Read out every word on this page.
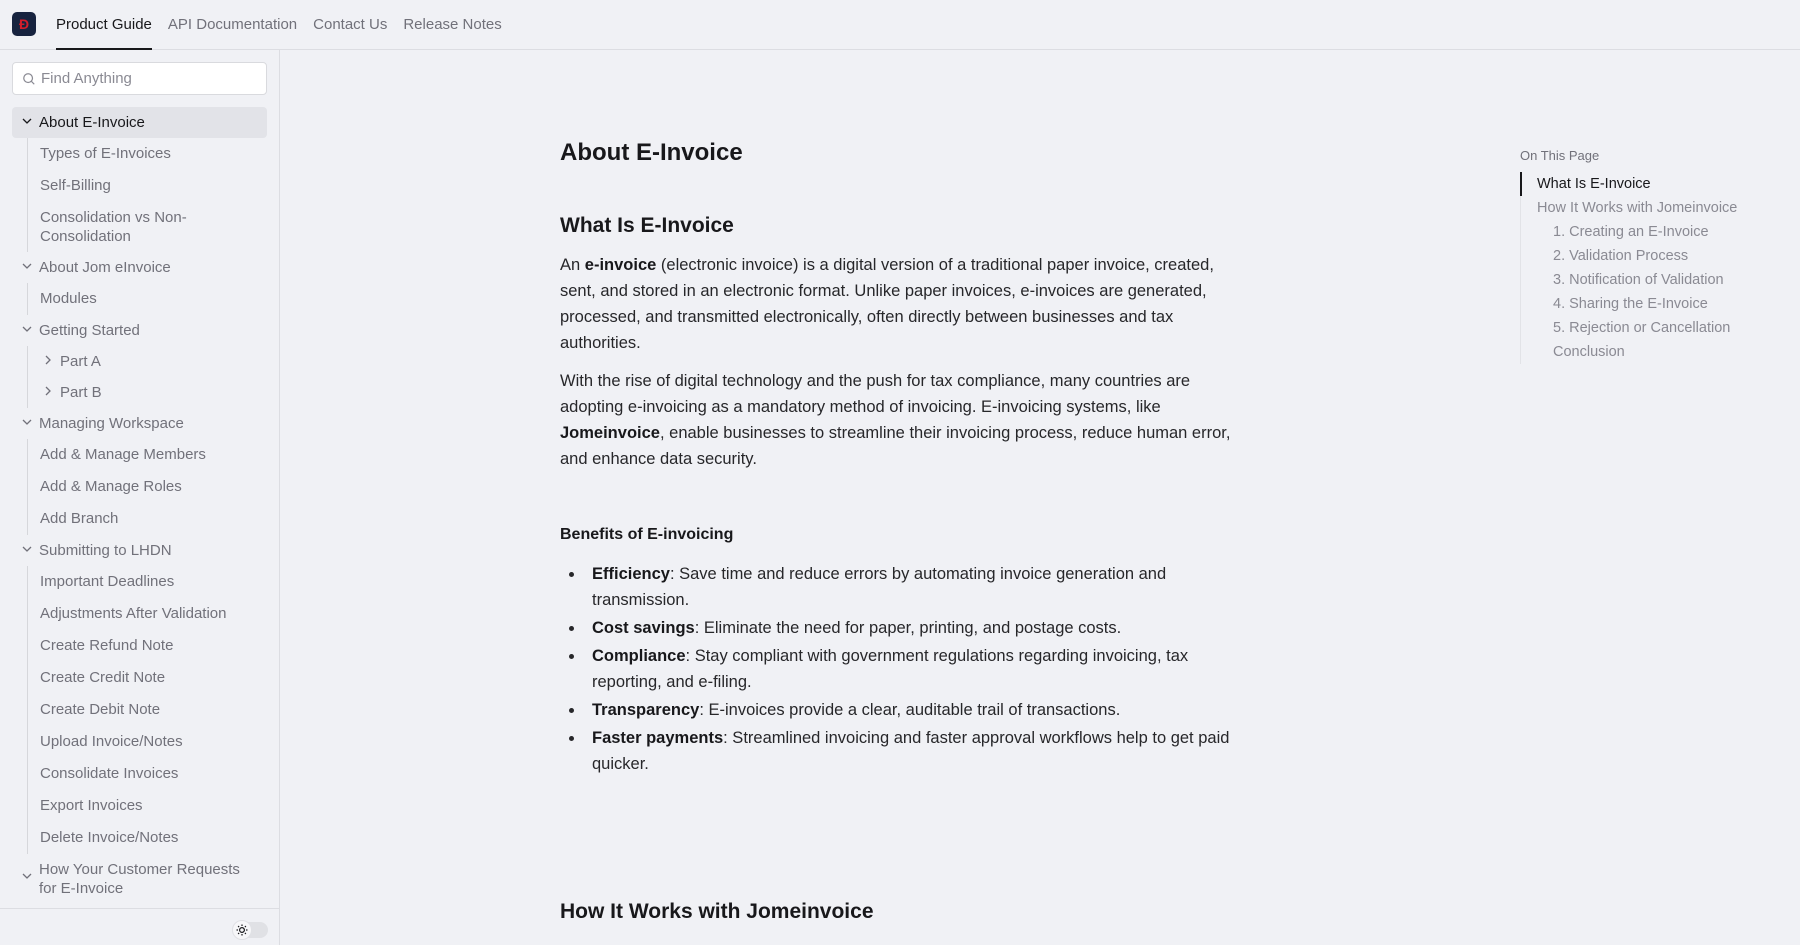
Ð Product Guide API Documentation Contact Us Release Notes
Find Anything
About E-Invoice
Types of E-Invoices
Self-Billing
Consolidation vs Non-Consolidation
About Jom eInvoice
Modules
Getting Started
Part A
Part B
Managing Workspace
Add & Manage Members
Add & Manage Roles
Add Branch
Submitting to LHDN
Important Deadlines
Adjustments After Validation
Create Refund Note
Create Credit Note
Create Debit Note
Upload Invoice/Notes
Consolidate Invoices
Export Invoices
Delete Invoice/Notes
How Your Customer Requests for E-Invoice
About E-Invoice
What Is E-Invoice

An e-invoice (electronic invoice) is a digital version of a traditional paper invoice, created, sent, and stored in an electronic format. Unlike paper invoices, e-invoices are generated, processed, and transmitted electronically, often directly between businesses and tax authorities.

With the rise of digital technology and the push for tax compliance, many countries are adopting e-invoicing as a mandatory method of invoicing. E-invoicing systems, like Jomeinvoice, enable businesses to streamline their invoicing process, reduce human error, and enhance data security.

Benefits of E-invoicing
Efficiency: Save time and reduce errors by automating invoice generation and transmission.
Cost savings: Eliminate the need for paper, printing, and postage costs.
Compliance: Stay compliant with government regulations regarding invoicing, tax reporting, and e-filing.
Transparency: E-invoices provide a clear, auditable trail of transactions.
Faster payments: Streamlined invoicing and faster approval workflows help to get paid quicker.
How It Works with Jomeinvoice
On This Page
What Is E-Invoice
How It Works with Jomeinvoice
1. Creating an E-Invoice
2. Validation Process
3. Notification of Validation
4. Sharing the E-Invoice
5. Rejection or Cancellation
Conclusion
